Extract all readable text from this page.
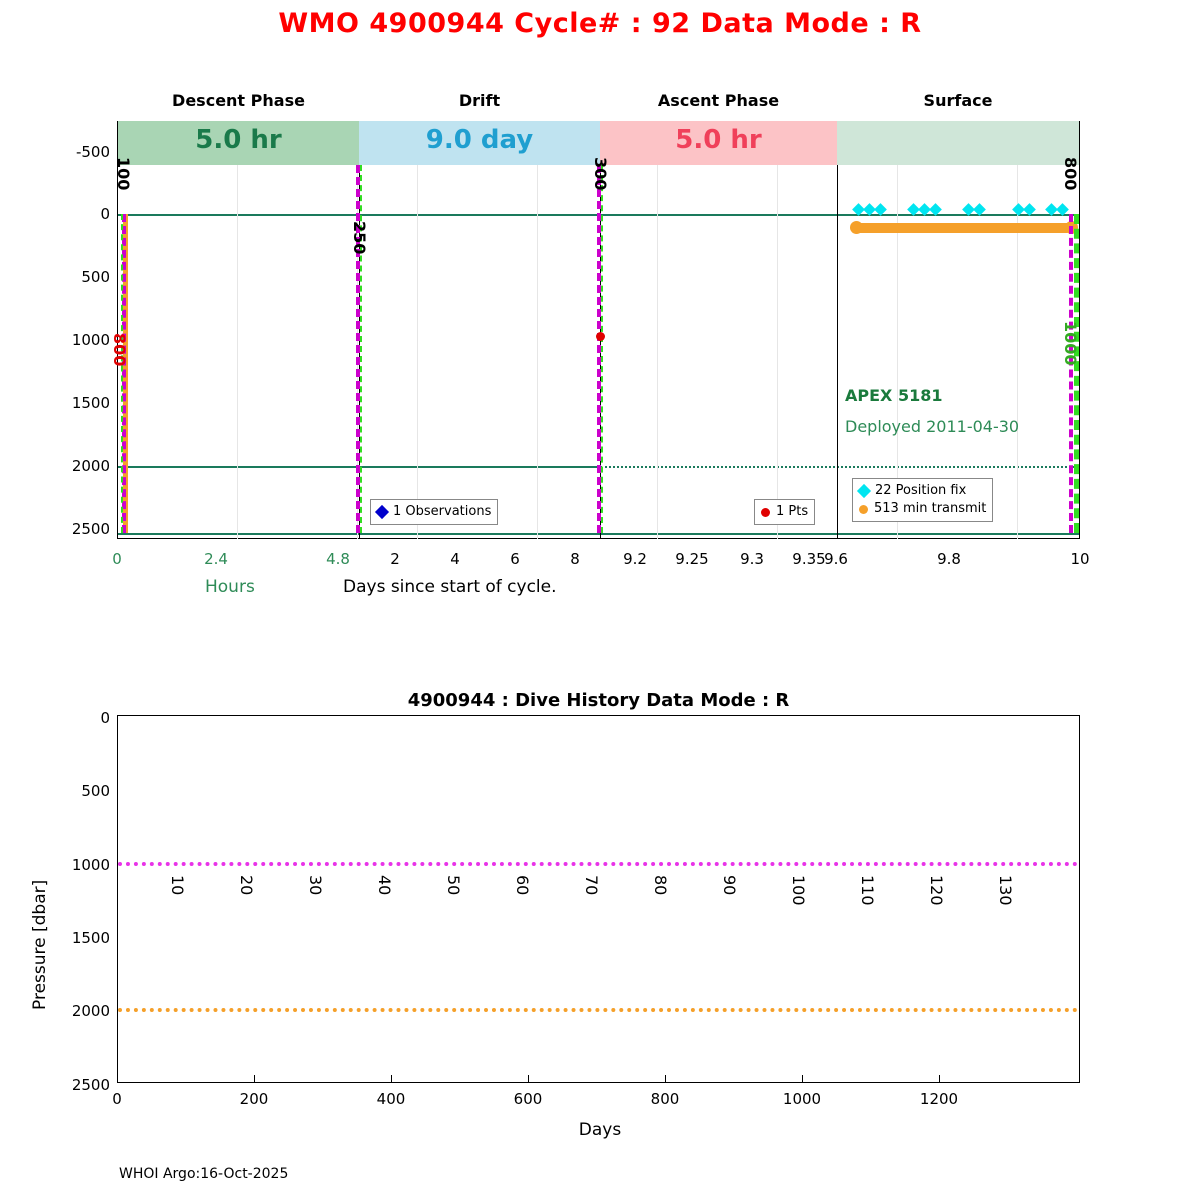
WMO 4900944 Cycle# : 92 Data Mode : R
Descent Phase	Drift	Ascent Phase	Surface
5.0 hr	9.0 day	5.0 hr
100
250
300	800
800	1000
APEX 5181
Deployed 2011-04-30
1 Observations	1 Pts
22 Position fix
513 min transmit
-500
0
500
1000
1500
2000
2500
0	2.4	4.8	2	4	6	8	9.2	9.25	9.3	9.35
9.6	9.8	10
Hours	Days since start of cycle.
4900944 : Dive History Data Mode : R
10	20	30	40	50	60	70	80	90	100	110	120	130
0
500
1000
1500
2000
2500
0	200	400	600	800	1000	1200
Pressure [dbar]
Days
WHOI Argo:16-Oct-2025
